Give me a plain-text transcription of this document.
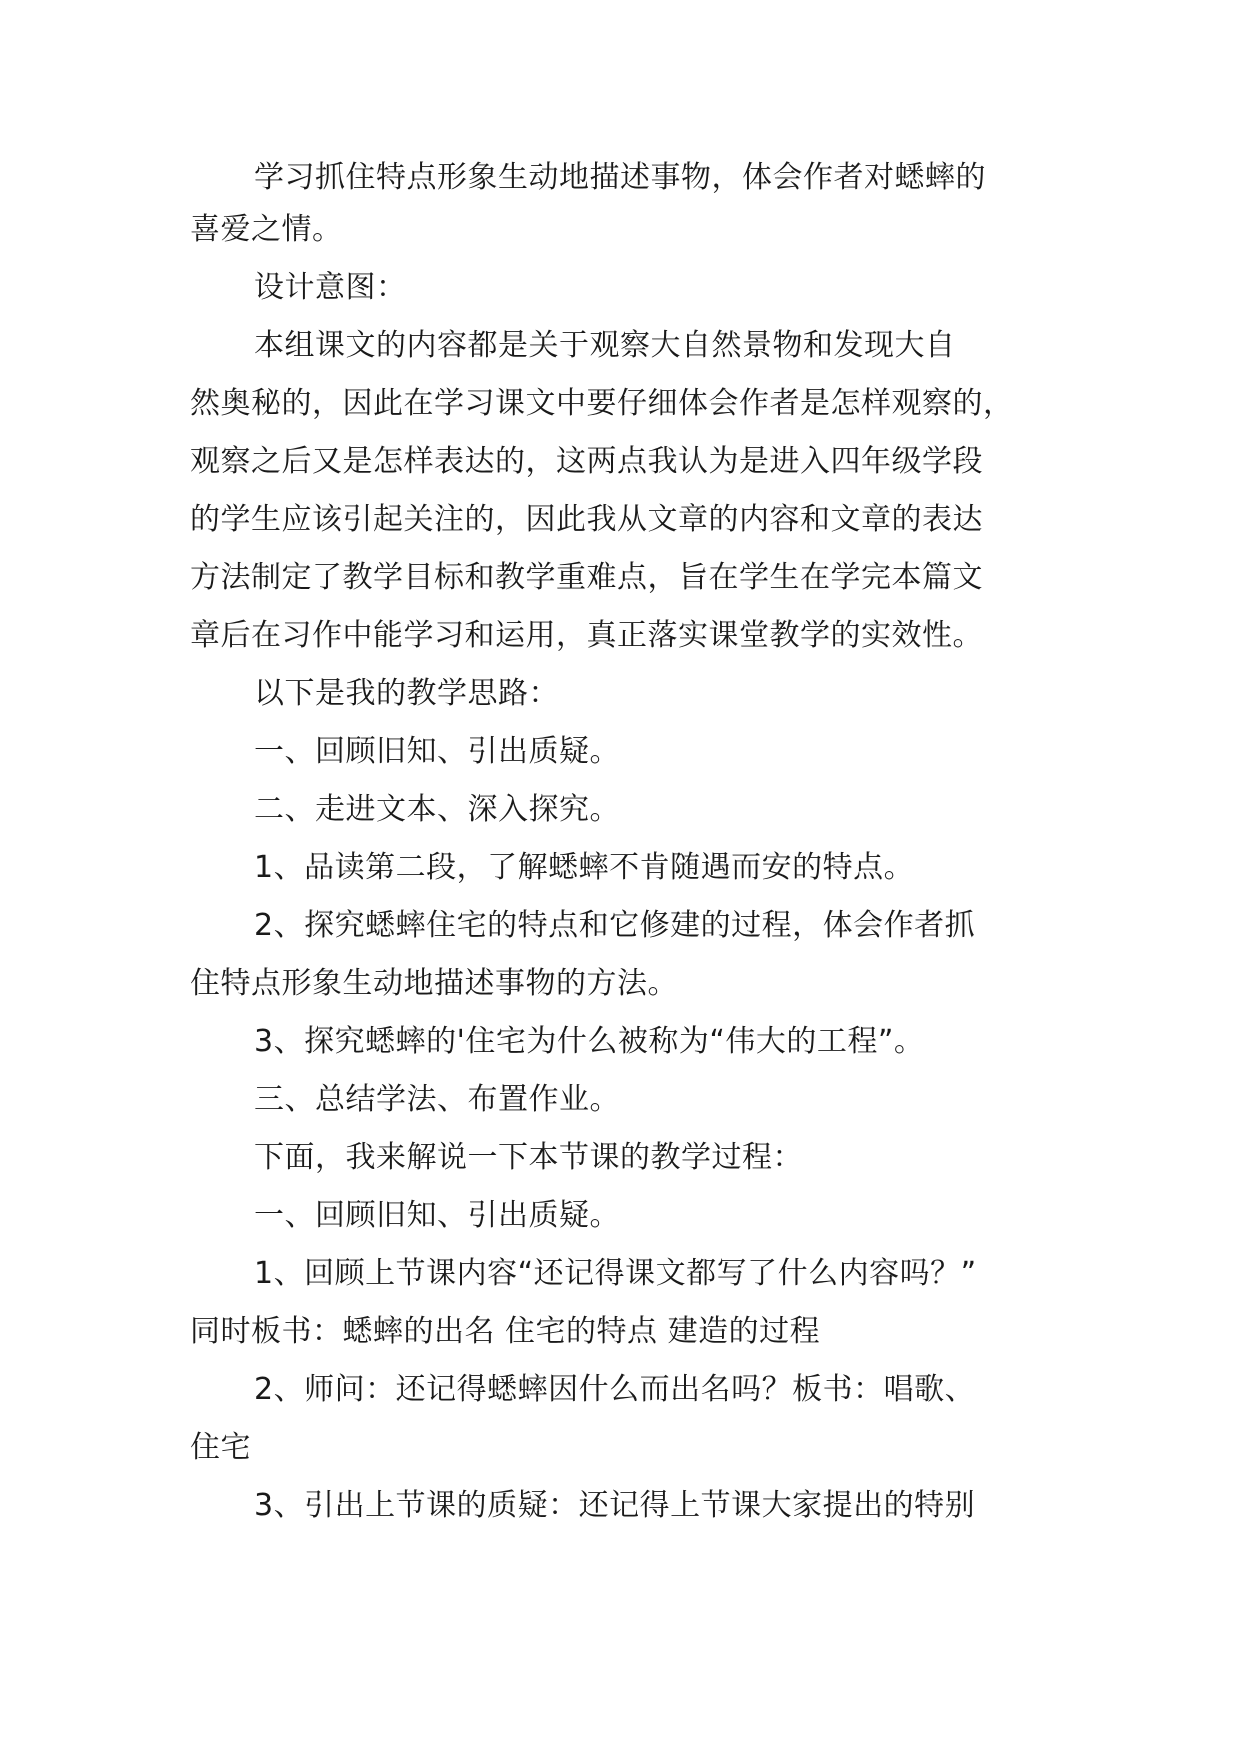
学习抓住特点形象生动地描述事物，体会作者对蟋蟀的
喜爱之情。
设计意图：
本组课文的内容都是关于观察大自然景物和发现大自
然奥秘的，因此在学习课文中要仔细体会作者是怎样观察的，
观察之后又是怎样表达的，这两点我认为是进入四年级学段
的学生应该引起关注的，因此我从文章的内容和文章的表达
方法制定了教学目标和教学重难点，旨在学生在学完本篇文
章后在习作中能学习和运用，真正落实课堂教学的实效性。
以下是我的教学思路：
一、回顾旧知、引出质疑。
二、走进文本、深入探究。
1、品读第二段，了解蟋蟀不肯随遇而安的特点。
2、探究蟋蟀住宅的特点和它修建的过程，体会作者抓
住特点形象生动地描述事物的方法。
3、探究蟋蟀的'住宅为什么被称为“伟大的工程”。
三、总结学法、布置作业。
下面，我来解说一下本节课的教学过程：
一、回顾旧知、引出质疑。
1、回顾上节课内容“还记得课文都写了什么内容吗？”
同时板书：蟋蟀的出名 住宅的特点 建造的过程
2、师问：还记得蟋蟀因什么而出名吗？板书：唱歌、
住宅
3、引出上节课的质疑：还记得上节课大家提出的特别
